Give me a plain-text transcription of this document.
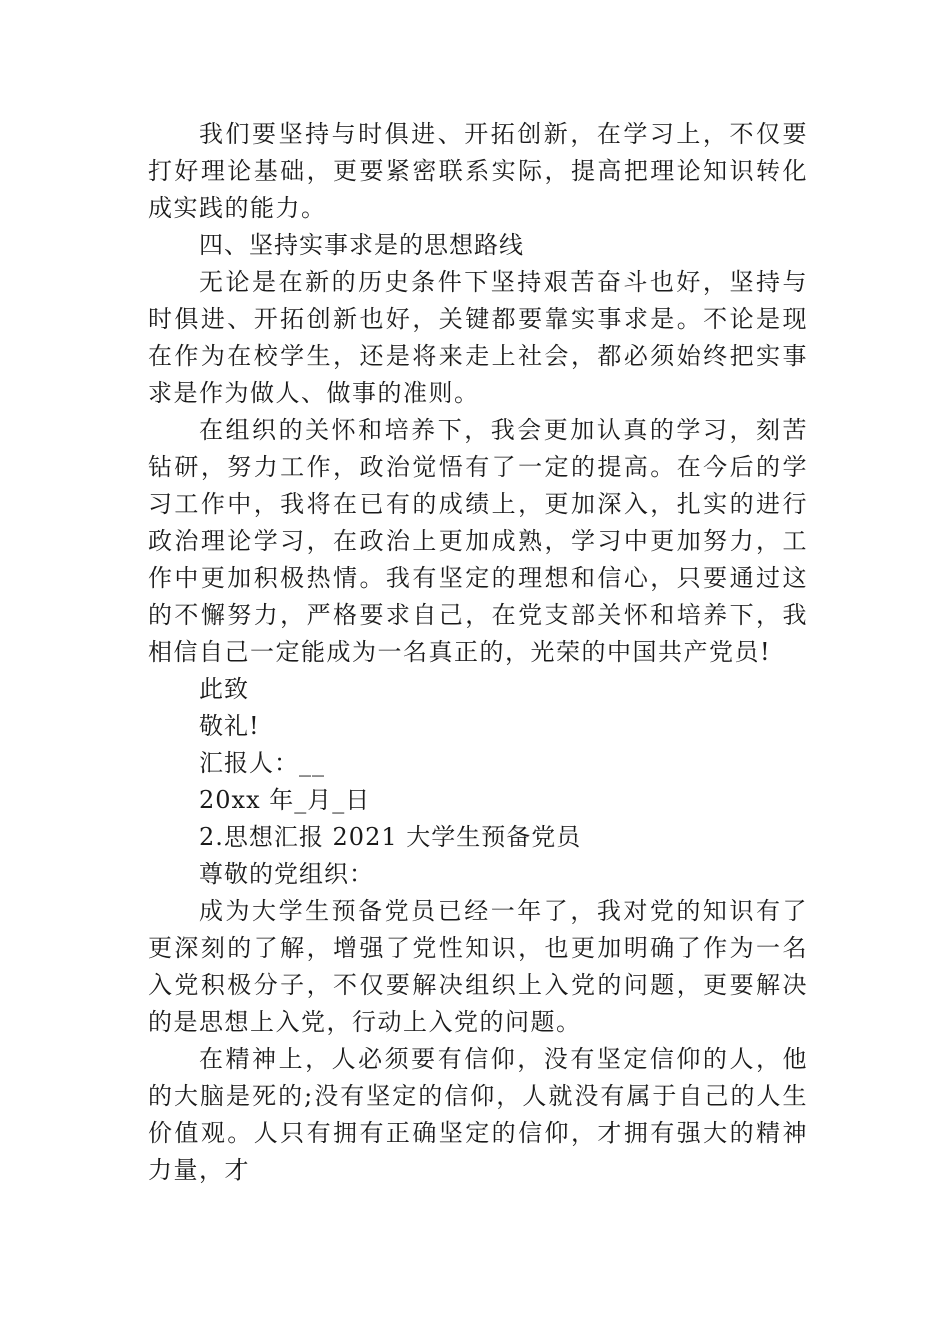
我们要坚持与时俱进、开拓创新，在学习上，不仅要打好理论基础，更要紧密联系实际，提高把理论知识转化成实践的能力。

四、坚持实事求是的思想路线

无论是在新的历史条件下坚持艰苦奋斗也好，坚持与时俱进、开拓创新也好，关键都要靠实事求是。不论是现在作为在校学生，还是将来走上社会，都必须始终把实事求是作为做人、做事的准则。

在组织的关怀和培养下，我会更加认真的学习，刻苦钻研，努力工作，政治觉悟有了一定的提高。在今后的学习工作中，我将在已有的成绩上，更加深入，扎实的进行政治理论学习，在政治上更加成熟，学习中更加努力，工作中更加积极热情。我有坚定的理想和信心，只要通过这的不懈努力，严格要求自己，在党支部关怀和培养下，我相信自己一定能成为一名真正的，光荣的中国共产党员!

此致

敬礼!

汇报人：__

20xx 年_月_日

2.思想汇报 2021 大学生预备党员

尊敬的党组织：

成为大学生预备党员已经一年了，我对党的知识有了更深刻的了解，增强了党性知识，也更加明确了作为一名入党积极分子，不仅要解决组织上入党的问题，更要解决的是思想上入党，行动上入党的问题。

在精神上，人必须要有信仰，没有坚定信仰的人，他的大脑是死的;没有坚定的信仰，人就没有属于自己的人生价值观。人只有拥有正确坚定的信仰，才拥有强大的精神力量，才
